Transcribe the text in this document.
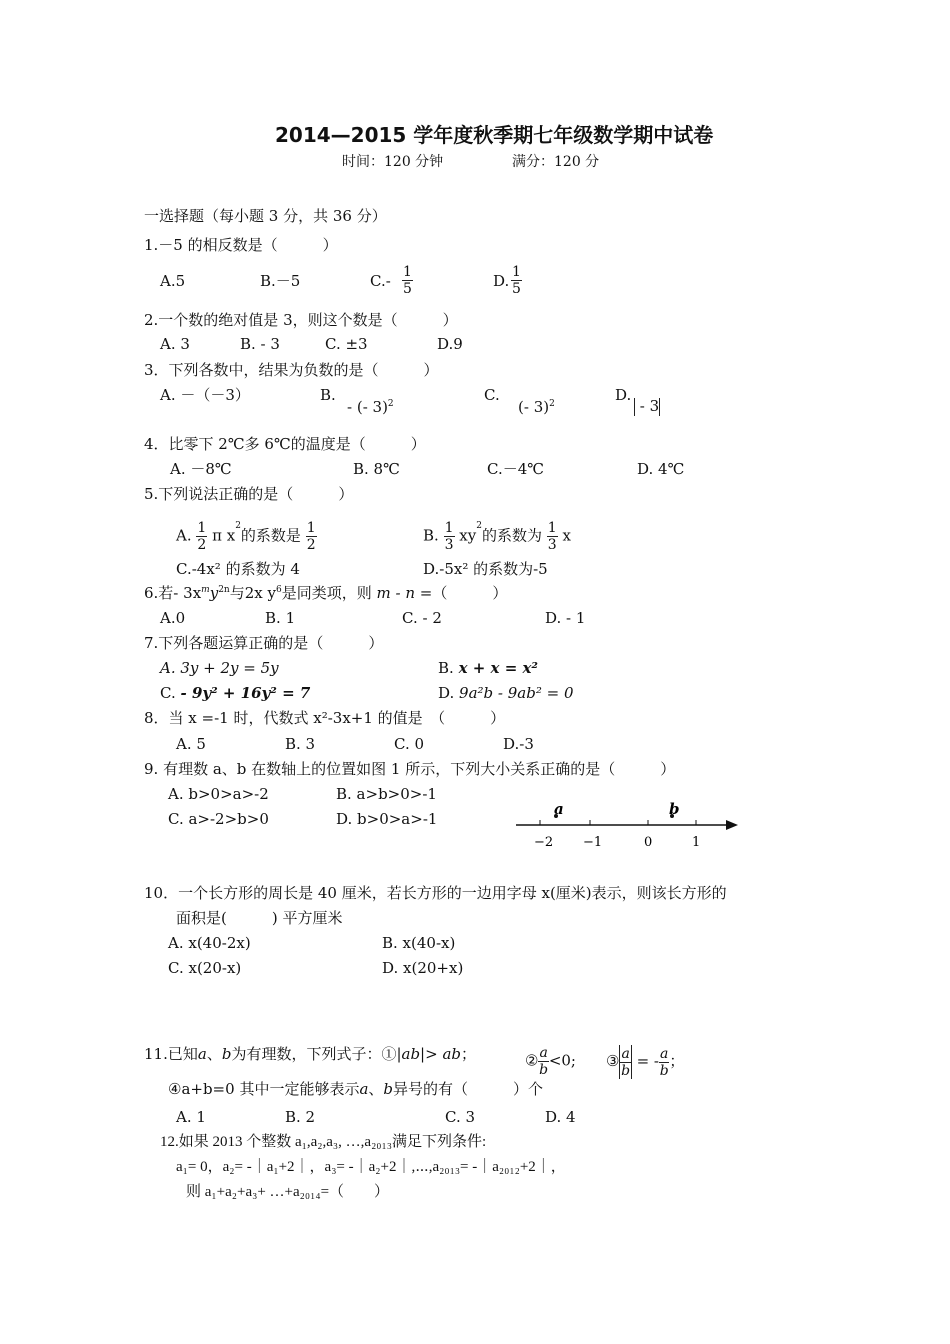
2014—2015 学年度秋季期七年级数学期中试卷
时间：120 分钟	满分：120 分
一选择题（每小题 3 分，共 36 分）
1.－5 的相反数是（　　　）
A.5	B.－5	$C.- \frac{1}{5}$	D. $\frac{1}{5}$
2.一个数的绝对值是 3，则这个数是（　　　）
A. 3	B. - 3	C. ±3	D.9
3．下列各数中，结果为负数的是（　　　）
A. －（－3）	B.
- (- 3)$^2$	C.
(- 3)$^2$	D.
- 3
4．比零下 2℃多 6℃的温度是（　　　）
A. －8℃	B. 8℃	C.－4℃	D. 4℃
5.下列说法正确的是（　　　）
A. $\frac{1}{2}$ π $x^2$的系数是 $\frac{1}{2}$	B. $\frac{1}{3} xy^2$的系数为 $\frac{1}{3}$ x
C.-4x² 的系数为 4	D.-5x² 的系数为-5
6.若- $3x^my^{2n}$与2x $y^6$是同类项，则 m - n =（　　　）
A.0	B. 1	C. - 2	D. - 1
7.下列各题运算正确的是（　　　）
A. 3y + 2y = 5y	B. x + x = x²
C. - 9y² + 16y² = 7	D. 9a²b - 9ab² = 0
8．当 x =-1 时，代数式 x²-3x+1 的值是　（　　　）
A. 5	B. 3	C. 0	D.-3
9. 有理数 a、b 在数轴上的位置如图 1 所示，下列大小关系正确的是（　　　）
A. b>0>a>-2	B. a>b>0>-1
C. a>-2>b>0	D. b>0>a>-1
a	b
−2 −1	0	1
10．一个长方形的周长是 40 厘米，若长方形的一边用字母 x(厘米)表示，则该长方形的
面积是(　　　) 平方厘米
A. x(40-2x)	B. x(40-x)
C. x(20-x)	D. x(20+x)
11.已知a、b为有理数，下列式子：①|ab|> ab；	② $\frac{a}{b} <0$; ③ $\frac{a}{b}$ = - $\frac{a}{b}$ ；
④a+b=0 其中一定能够表示a、b异号的有（　　　）个
A. 1	B. 2	C. 3	D. 4
12.如果 2013 个整数 a₁,a₂,a₃, …,a₂₀₁₃满足下列条件:
a₁= 0，a₂= -｜a₁+2｜，a₃= -｜a₂+2｜,⋯,a₂₀₁₃= -｜a₂₀₁₂+2｜，
则 a₁+a₂+a₃+ …+a₂₀₁₄=（　　）
